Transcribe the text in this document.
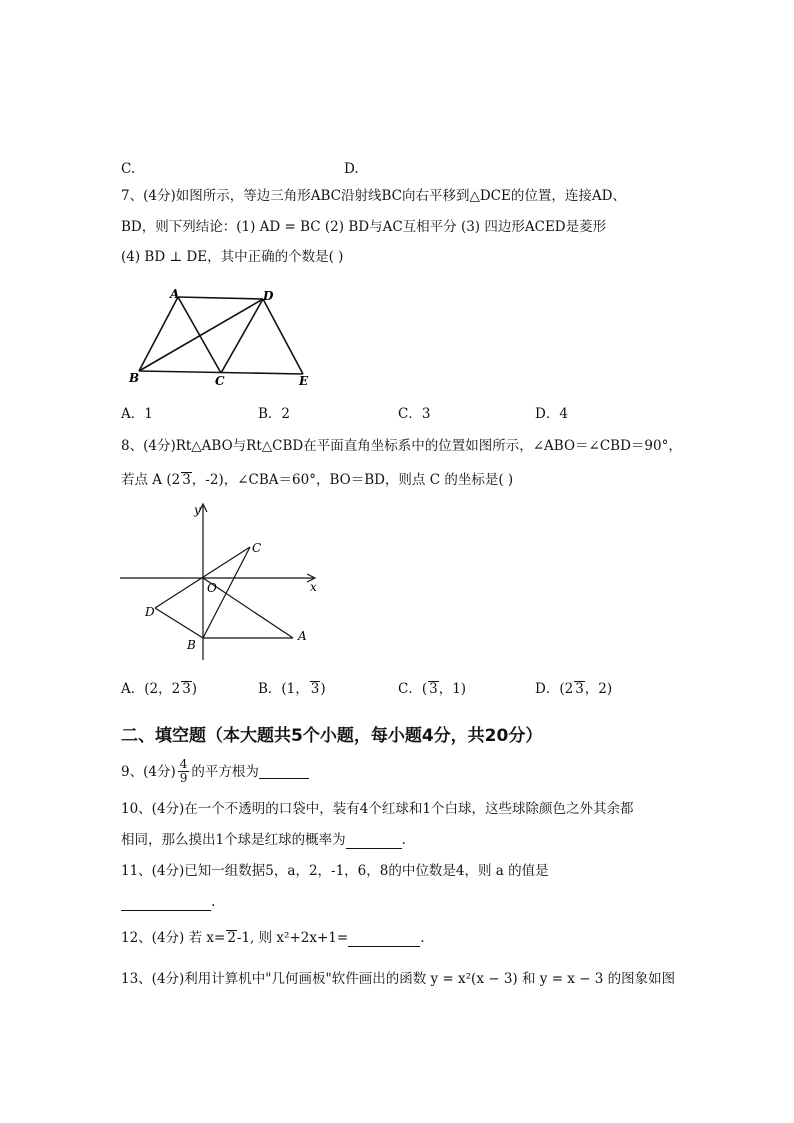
C.	D.
7、(4分)如图所示，等边三角形ABC沿射线BC向右平移到△DCE的位置，连接AD、
BD，则下列结论：(1) AD = BC (2) BD与AC互相平分 (3) 四边形ACED是菱形
(4) BD ⊥ DE，其中正确的个数是( )
A	D
B	C	E
A．1	B．2	C．3	D．4
8、(4分)Rt△ABO与Rt△CBD在平面直角坐标系中的位置如图所示，∠ABO＝∠CBD＝90°，
若点 A (2 3，-2)，∠CBA＝60°，BO＝BD，则点 C 的坐标是( )
y
x
O
C
D
B
A
A．(2，2 3)	B．(1， 3)	C．( 3，1)	D．(2 3，2)
二、填空题（本大题共5个小题，每小题4分，共20分）
9、(4分) $\frac{4}{9}$ 的平方根为
10、(4分)在一个不透明的口袋中，装有4个红球和1个白球，这些球除颜色之外其余都
相同，那么摸出1个球是红球的概率为	.
11、(4分)已知一组数据5，a，2，-1，6，8的中位数是4，则 a 的值是
.
12、(4分) 若 x= 2-1, 则 x²+2x+1=	.
13、(4分)利用计算机中"几何画板"软件画出的函数 y = x²(x − 3) 和 y = x − 3 的图象如图
